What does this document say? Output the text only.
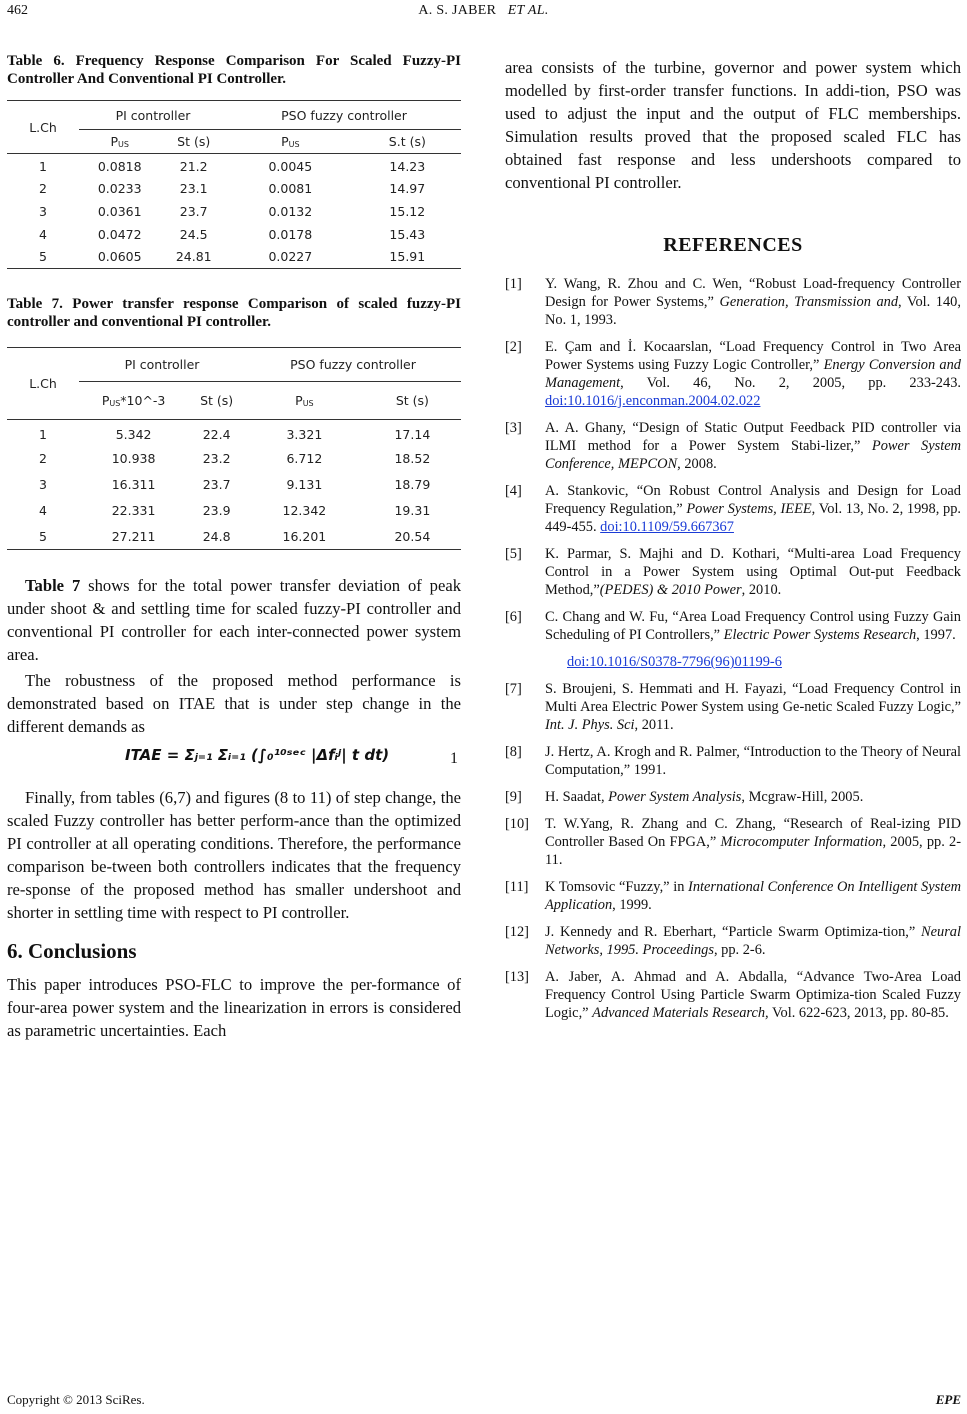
462	A. S. JABER ET AL.

Table 6. Frequency Response Comparison For Scaled Fuzzy-PI Controller And Conventional PI Controller.

L.Ch	PI controller		PSO fuzzy controller	
	$P_{US}$	St (s)	$P_{US}$	S.t (s)
1	0.0818	21.2	0.0045	14.23
2	0.0233	23.1	0.0081	14.97
3	0.0361	23.7	0.0132	15.12
4	0.0472	24.5	0.0178	15.43
5	0.0605	24.81	0.0227	15.91

Table 7. Power transfer response Comparison of scaled fuzzy-PI controller and conventional PI controller.

L.Ch	PI controller		PSO fuzzy controller	
	$P_{US}*10\^{}-3$	St (s)	$P_{US}$	St (s)
1	5.342	22.4	3.321	17.14
2	10.938	23.2	6.712	18.52
3	16.311	23.7	9.131	18.79
4	22.331	23.9	12.342	19.31
5	27.211	24.8	16.201	20.54

Table 7 shows for the total power transfer deviation of peak under shoot & and settling time for scaled fuzzy-PI controller and conventional PI controller for each inter-connected power system area.

The robustness of the proposed method performance is demonstrated based on ITAE that is under step change in the different demands as

ITAE = Σⱼ₌₁ Σᵢ₌₁ (∫₀¹⁰ˢᵉᶜ |Δfᵢʲ| t dt)	1

Finally, from tables (6,7) and figures (8 to 11) of step change, the scaled Fuzzy controller has better perform-ance than the optimized PI controller at all operating conditions. Therefore, the performance comparison be-tween both controllers indicates that the frequency re-sponse of the proposed method has smaller undershoot and shorter in settling time with respect to PI controller.

6. Conclusions

This paper introduces PSO-FLC to improve the per-formance of four-area power system and the linearization in errors is considered as parametric uncertainties. Each

area consists of the turbine, governor and power system which modelled by first-order transfer functions. In addi-tion, PSO was used to adjust the input and the output of FLC memberships. Simulation results proved that the proposed scaled FLC has obtained fast response and less undershoots compared to conventional PI controller.

REFERENCES
[1] Y. Wang, R. Zhou and C. Wen, “Robust Load-frequency Controller Design for Power Systems,” Generation, Transmission and, Vol. 140, No. 1, 1993.
[2] E. Çam and İ. Kocaarslan, “Load Frequency Control in Two Area Power Systems using Fuzzy Logic Controller,” Energy Conversion and Management, Vol. 46, No. 2, 2005, pp. 233-243. doi:10.1016/j.enconman.2004.02.022
[3] A. A. Ghany, “Design of Static Output Feedback PID controller via ILMI method for a Power System Stabi-lizer,” Power System Conference, MEPCON, 2008.
[4] A. Stankovic, “On Robust Control Analysis and Design for Load Frequency Regulation,” Power Systems, IEEE, Vol. 13, No. 2, 1998, pp. 449-455. doi:10.1109/59.667367
[5] K. Parmar, S. Majhi and D. Kothari, “Multi-area Load Frequency Control in a Power System using Optimal Out-put Feedback Method,”(PEDES) & 2010 Power, 2010.
[6] C. Chang and W. Fu, “Area Load Frequency Control using Fuzzy Gain Scheduling of PI Controllers,” Electric Power Systems Research, 1997.
doi:10.1016/S0378-7796(96)01199-6
[7] S. Broujeni, S. Hemmati and H. Fayazi, “Load Frequency Control in Multi Area Electric Power System using Ge-netic Scaled Fuzzy Logic,” Int. J. Phys. Sci, 2011.
[8] J. Hertz, A. Krogh and R. Palmer, “Introduction to the Theory of Neural Computation,” 1991.
[9] H. Saadat, Power System Analysis, Mcgraw-Hill, 2005.
[10] T. W.Yang, R. Zhang and C. Zhang, “Research of Real-izing PID Controller Based On FPGA,” Microcomputer Information, 2005, pp. 2-11.
[11] K Tomsovic “Fuzzy,” in International Conference On Intelligent System Application, 1999.
[12] J. Kennedy and R. Eberhart, “Particle Swarm Optimiza-tion,” Neural Networks, 1995. Proceedings, pp. 2-6.
[13] A. Jaber, A. Ahmad and A. Abdalla, “Advance Two-Area Load Frequency Control Using Particle Swarm Optimiza-tion Scaled Fuzzy Logic,” Advanced Materials Research, Vol. 622-623, 2013, pp. 80-85.
Copyright © 2013 SciRes.	EPE
